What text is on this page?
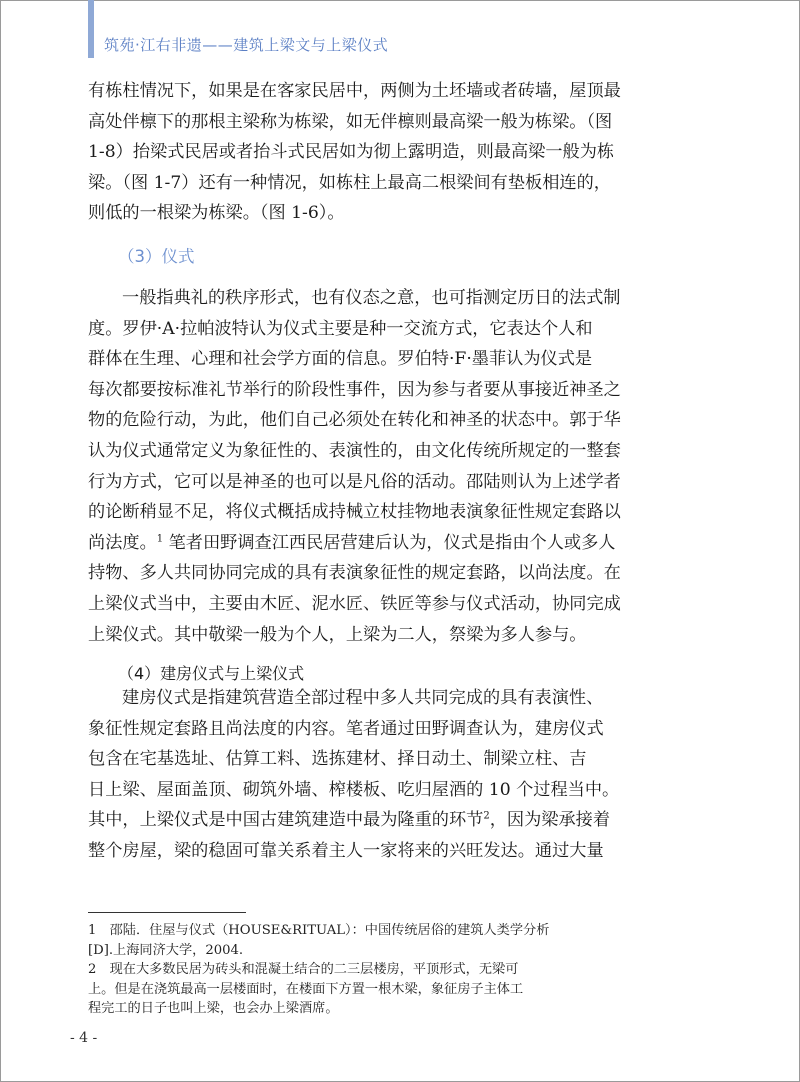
筑苑·江右非遗——建筑上梁文与上梁仪式
有栋柱情况下，如果是在客家民居中，两侧为土坯墙或者砖墙，屋顶最
高处伴檩下的那根主梁称为栋梁，如无伴檩则最高梁一般为栋梁。（图
1-8）抬梁式民居或者抬斗式民居如为彻上露明造，则最高梁一般为栋
梁。（图 1-7）还有一种情况，如栋柱上最高二根梁间有垫板相连的，
则低的一根梁为栋梁。（图 1-6）。
（3）仪式
一般指典礼的秩序形式，也有仪态之意，也可指测定历日的法式制
度。罗伊·A·拉帕波特认为仪式主要是种一交流方式，它表达个人和
群体在生理、心理和社会学方面的信息。罗伯特·F·墨菲认为仪式是
每次都要按标准礼节举行的阶段性事件，因为参与者要从事接近神圣之
物的危险行动，为此，他们自己必须处在转化和神圣的状态中。郭于华
认为仪式通常定义为象征性的、表演性的，由文化传统所规定的一整套
行为方式，它可以是神圣的也可以是凡俗的活动。邵陆则认为上述学者
的论断稍显不足，将仪式概括成持械立杖挂物地表演象征性规定套路以
尚法度。$^1$ 笔者田野调查江西民居营建后认为，仪式是指由个人或多人
持物、多人共同协同完成的具有表演象征性的规定套路，以尚法度。在
上梁仪式当中，主要由木匠、泥水匠、铁匠等参与仪式活动，协同完成
上梁仪式。其中敬梁一般为个人，上梁为二人，祭梁为多人参与。
（4）建房仪式与上梁仪式
建房仪式是指建筑营造全部过程中多人共同完成的具有表演性、
象征性规定套路且尚法度的内容。笔者通过田野调查认为，建房仪式
包含在宅基选址、估算工料、选拣建材、择日动土、制梁立柱、吉
日上梁、屋面盖顶、砌筑外墙、榨楼板、吃归屋酒的 10 个过程当中。
其中，上梁仪式是中国古建筑建造中最为隆重的环节$^2$，因为梁承接着
整个房屋，梁的稳固可靠关系着主人一家将来的兴旺发达。通过大量
1　邵陆．住屋与仪式（HOUSE&RITUAL）：中国传统居俗的建筑人类学分析
[D].上海同济大学，2004.
2　现在大多数民居为砖头和混凝土结合的二三层楼房，平顶形式，无梁可
上。但是在浇筑最高一层楼面时，在楼面下方置一根木梁，象征房子主体工
程完工的日子也叫上梁，也会办上梁酒席。
- 4 -
